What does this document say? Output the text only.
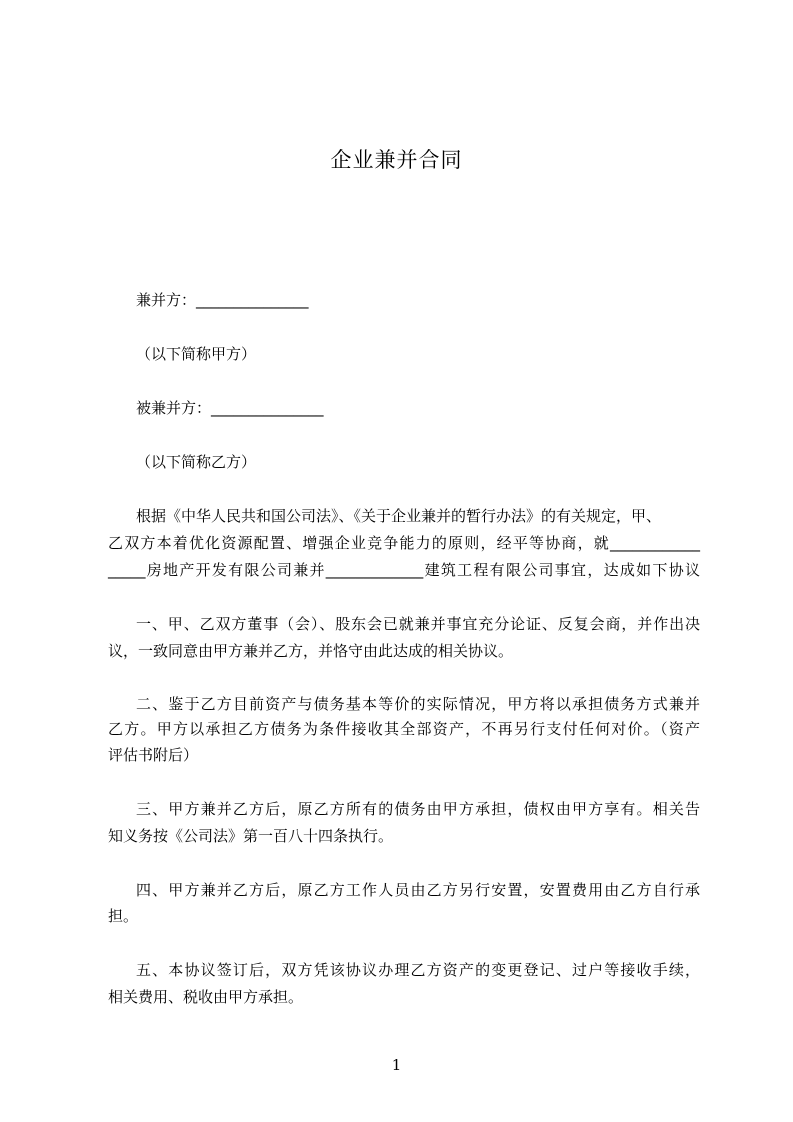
企业兼并合同
兼并方：_______________
（以下简称甲方）
被兼并方：_______________
（以下简称乙方）
根据《中华人民共和国公司法》、《关于企业兼并的暂行办法》的有关规定，甲、
乙双方本着优化资源配置、增强企业竞争能力的原则，经平等协商，就____________
_____房地产开发有限公司兼并_____________建筑工程有限公司事宜，达成如下协议
一、甲、乙双方董事（会）、股东会已就兼并事宜充分论证、反复会商，并作出决
议，一致同意由甲方兼并乙方，并恪守由此达成的相关协议。
二、鉴于乙方目前资产与债务基本等价的实际情况，甲方将以承担债务方式兼并
乙方。甲方以承担乙方债务为条件接收其全部资产，不再另行支付任何对价。（资产
评估书附后）
三、甲方兼并乙方后，原乙方所有的债务由甲方承担，债权由甲方享有。相关告
知义务按《公司法》第一百八十四条执行。
四、甲方兼并乙方后，原乙方工作人员由乙方另行安置，安置费用由乙方自行承
担。
五、本协议签订后，双方凭该协议办理乙方资产的变更登记、过户等接收手续，
相关费用、税收由甲方承担。
1
